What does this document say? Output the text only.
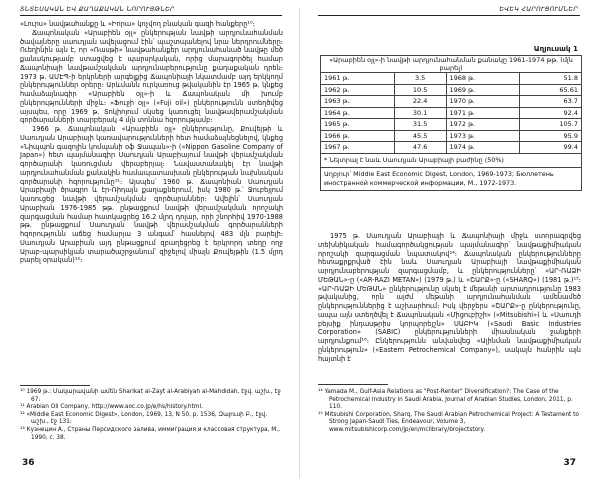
ՏՆՏԵՍԱԿԱՆ ԵՎ ՔԱՂԱՔԱԿԱՆ ՆՈՐՈՒՅԹՆԵՐ

«Լուրս» նավթահանքը և «Իորա» կոչվող բնական գազի հանքերը¹⁰։

Ճապոնական «Արաբիեն օյլ» ընկերության նավթի արդյունահանման ծավալները սաուդյան ավելացում էին՝ պաշտպանելով նրա ներդրումները։ Ուեղինին այն է, որ «Ռասթի» նավթահանքեր արդյունահանած նավթը մեծ քանակությամբ ստացվեց է պարսրկական, որից մարագործել համար Ճապոնիայի նավթամշակման արդյունաբերությունը քաղաքական դրեն։ 1973 թ. ԱՄԷՊ-ի երկրների արգելքից Ճապոնիայի նկատմամբ այդ երկկողմ ընկերություններ օրերը։ Արևմանն ուրկառուց թվականին էր 1965 թ. կնքեց համաձայնագիր «Արաբիեն օյլ»-ի և Ճապոնական մի խումբ ընկերությունների միջև։ «Ֆուջի օյլ» («Fuji oil») ընկերությունն ստեղծվեց այսպես, որը 1969 թ. Տոկիոյում սկսեց կառուցել նավթավերամշակման գործարանների տարբերակ 4 մլն տոննա հզորությամբ։

1966 թ. Ճապոնական «Արաբիեն օյլ» ընկերությունը, Քուվեյթի և Սաուդյան Արաբիայի կառավարությունների հետ համաձայնեցնելով, կնքեց «Նիպպոն գազոլին կոմպանի օֆ Ջապան»-ի («Nippon Gasoline Company of Japan») հետ պայմանագիր Սաուդյան Արաբիայում նավթի վերամշակման գործարանի կառուցման վերաբերյալ։ Նավաստանակել էր նավթի արդյունահանման քանակին համապատասխան ընկերության նախնական գործարանի հզորությունը¹¹։ Այսպես՝ 1960 թ. Ճապոնիան Սաուդյան Արաբիայի ծրագրո և էր-Ռիդայն քաղաքներում, իսկ 1980 թ.՝ Ջուբեյլում կառուցեց նավթի վերամշակման գործարաններ։ Ավելին՝ Սաուդյան Արաբիան 1976-1985 թթ. ընթացքում նավթի վերամշակման որոշակի զարգացման համար հատկացրեց 16.2 մլրդ դոլար, որի շնորհիվ 1970-1988 թթ. ընթացքում Սաուդյան նավթի վերամշակման գործարանների հզորությունն աճեց համարյա 3 անգամ՝ հասնելով 483 մլն բարելի։ Սաուդյան Արաբիան այդ ընթացքում զբաղեցրեց է երկրորդ տեղը ողջ Արաբ-պարսիկյան տարածաշրջանում՝ զիջելով միայն Քուվեյթին (1.5 մլրդ բարել օրական)¹²։

¹⁰ 1969 թ.: Մակարավանի ամեն Sharikat al-Zayt al-Arabiyah al-Mahdidah, էջվ. աշխ., էջ 67։
¹¹ Arabian Oil Company, http://www.aoc.co.jp/e/hs/history.html.
¹² «Middle East Economic Digest», London, 1969, 13, N 50, p. 1536, Զայուսի Բ., էջվ. աշխ., էջ 131։
¹³ Кузнецин А., Страны Персидского залива, иммиграция и классовая структура, М., 1990, с. 38.
36
ԵՎԵԿ ՀԱՐՈՒՑՈՒՄՆԵՐ
Աղյուսակ 1
«Արաբիեն օյլ»-ի նավթի արդյունահանման քանակը 1961-1974 թթ. (մլն բարել)			
1961 թ.	3.5	1968 թ.	51.8
1962 թ.	10.5	1969 թ.	65.61
1963 թ.	22.4	1970 թ.	63.7
1964 թ.	30.1	1971 թ.	92.4
1965 թ.	31.5	1972 թ.	105.7
1966 թ.	45.5	1973 թ.	95.9
1967 թ.	47.6	1974 թ.	99.4
* Նեյտրալ է նաև Սաուդյան Արաբիայի բաժինը (50%)			
Աղբյուր՝ Middle East Economic Digest, London, 1969-1973; Бюллетень иностранной коммерческой информации, М., 1972-1973.			

1975 թ. Սաուդյան Արաբիայի և Ճապոնիայի միջև ստորագրվեց տեխնիկական համագործակցության պայմանագիր՝ նավթաքիմիական որոշակի զարգացման նպատակով¹⁴։ Ճապոնական ընկերությունները հետաքրքրված էին նաև Սաուդյան Արաբիայի նավթաքիմիական արդյունաբերության զարգացմամբ, և ընկերությունները՝ «ԱՐ-ՌԱՁԻ ՄԵԹԱՆ»-ը («AR-RAZI METAN») (1979 թ.) և «ՇԱՐՔ»-ը («SHARQ») (1981 թ.)¹⁵։ «ԱՐ-ՌԱՁԻ ՄԵԹԱՆ» ընկերությունը սկսել է մեթանի արտադրությունը 1983 թվականից, որն այժմ մեթանի արդյունահանման ամենամեծ ընկերություններից է աշխարհում։ Իսկ վերջերս «ՇԱՐՔ»-ը ընկերությունը, ապա այն ստեղծվել է Ճապոնական «Միցուբիշի» («Mitsubishi») և «Սաուդի բեյսիք ինդասթրիս կորպորեյշն» ՍԱԲԻԿ («Saudi Basic Industries Corporation» (SABIC) ընկերությունների միասնական ջանքերի արդյունքում¹⁶։ Ընկերությունն անվանվեց «Ալինման նավթաքիմիական ընկերություն» («Eastern Petrochemical Company»), սակայն հանրին այն հայտնի է

¹⁴ Yamada M., Gulf-Asia Relations as "Post-Renter" Diversification?: The Case of the Petrochemical Industry in Saudi Arabia, Journal of Arabian Studies, London, 2011, p. 110.
¹⁵ Mitsubishi Corporation, Sharq, The Saudi Arabian Petrochemical Project: A Testament to Strong Japan-Saudi Ties, Endeavour, Volume 3, www.mitsubishicorp.com/jp/en/mclibrary/brojectstory.
37
